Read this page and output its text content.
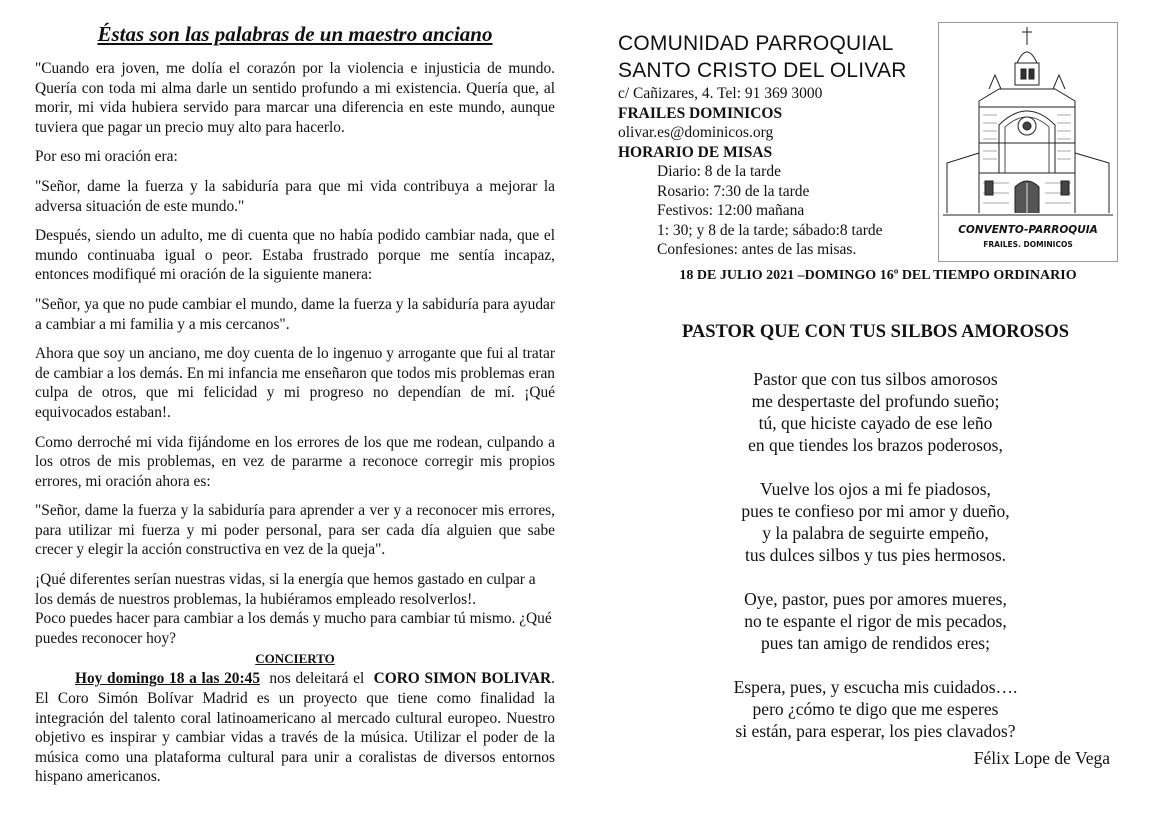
Éstas son las palabras de un maestro anciano

"Cuando era joven, me dolía el corazón por la violencia e injusticia de mundo. Quería con toda mi alma darle un sentido profundo a mi existencia. Quería que, al morir, mi vida hubiera servido para marcar una diferencia en este mundo, aunque tuviera que pagar un precio muy alto para hacerlo.

Por eso mi oración era:

"Señor, dame la fuerza y la sabiduría para que mi vida contribuya a mejorar la adversa situación de este mundo."

Después, siendo un adulto, me di cuenta que no había podido cambiar nada, que el mundo continuaba igual o peor. Estaba frustrado porque me sentía incapaz, entonces modifiqué mi oración de la siguiente manera:

"Señor, ya que no pude cambiar el mundo, dame la fuerza y la sabiduría para ayudar a cambiar a mi familia y a mis cercanos".

Ahora que soy un anciano, me doy cuenta de lo ingenuo y arrogante que fui al tratar de cambiar a los demás. En mi infancia me enseñaron que todos mis problemas eran culpa de otros, que mi felicidad y mi progreso no dependían de mí. ¡Qué equivocados estaban!.

Como derroché mi vida fijándome en los errores de los que me rodean, culpando a los otros de mis problemas, en vez de pararme a reconoce corregir mis propios errores, mi oración ahora es:

"Señor, dame la fuerza y la sabiduría para aprender a ver y a reconocer mis errores, para utilizar mi fuerza y mi poder personal, para ser cada día alguien que sabe crecer y elegir la acción constructiva en vez de la queja".

¡Qué diferentes serían nuestras vidas, si la energía que hemos gastado en culpar a los demás de nuestros problemas, la hubiéramos empleado resolverlos!.

Poco puedes hacer para cambiar a los demás y mucho para cambiar tú mismo. ¿Qué puedes reconocer hoy?

CONCIERTO

Hoy domingo 18 a las 20:45 nos deleitará el CORO SIMON BOLIVAR. El Coro Simón Bolívar Madrid es un proyecto que tiene como finalidad la integración del talento coral latinoamericano al mercado cultural europeo. Nuestro objetivo es inspirar y cambiar vidas a través de la música. Utilizar el poder de la música como una plataforma cultural para unir a coralistas de diversos entornos hispano americanos.

COMUNIDAD PARROQUIAL
SANTO CRISTO DEL OLIVAR
c/ Cañizares, 4. Tel: 91 369 3000
FRAILES DOMINICOS
olivar.es@dominicos.org
HORARIO DE MISAS
Diario: 8 de la tarde
Rosario: 7:30 de la tarde
Festivos: 12:00 mañana
1: 30; y 8 de la tarde; sábado:8 tarde
Confesiones: antes de las misas.
CONVENTO-PARROQUIA
FRAILES. DOMINICOS
18 DE JULIO 2021 –DOMINGO 16º DEL TIEMPO ORDINARIO
PASTOR QUE CON TUS SILBOS AMOROSOS
Pastor que con tus silbos amorosos
me despertaste del profundo sueño;
tú, que hiciste cayado de ese leño
en que tiendes los brazos poderosos,
Vuelve los ojos a mi fe piadosos,
pues te confieso por mi amor y dueño,
y la palabra de seguirte empeño,
tus dulces silbos y tus pies hermosos.
Oye, pastor, pues por amores mueres,
no te espante el rigor de mis pecados,
pues tan amigo de rendidos eres;
Espera, pues, y escucha mis cuidados….
pero ¿cómo te digo que me esperes
si están, para esperar, los pies clavados?
Félix Lope de Vega
